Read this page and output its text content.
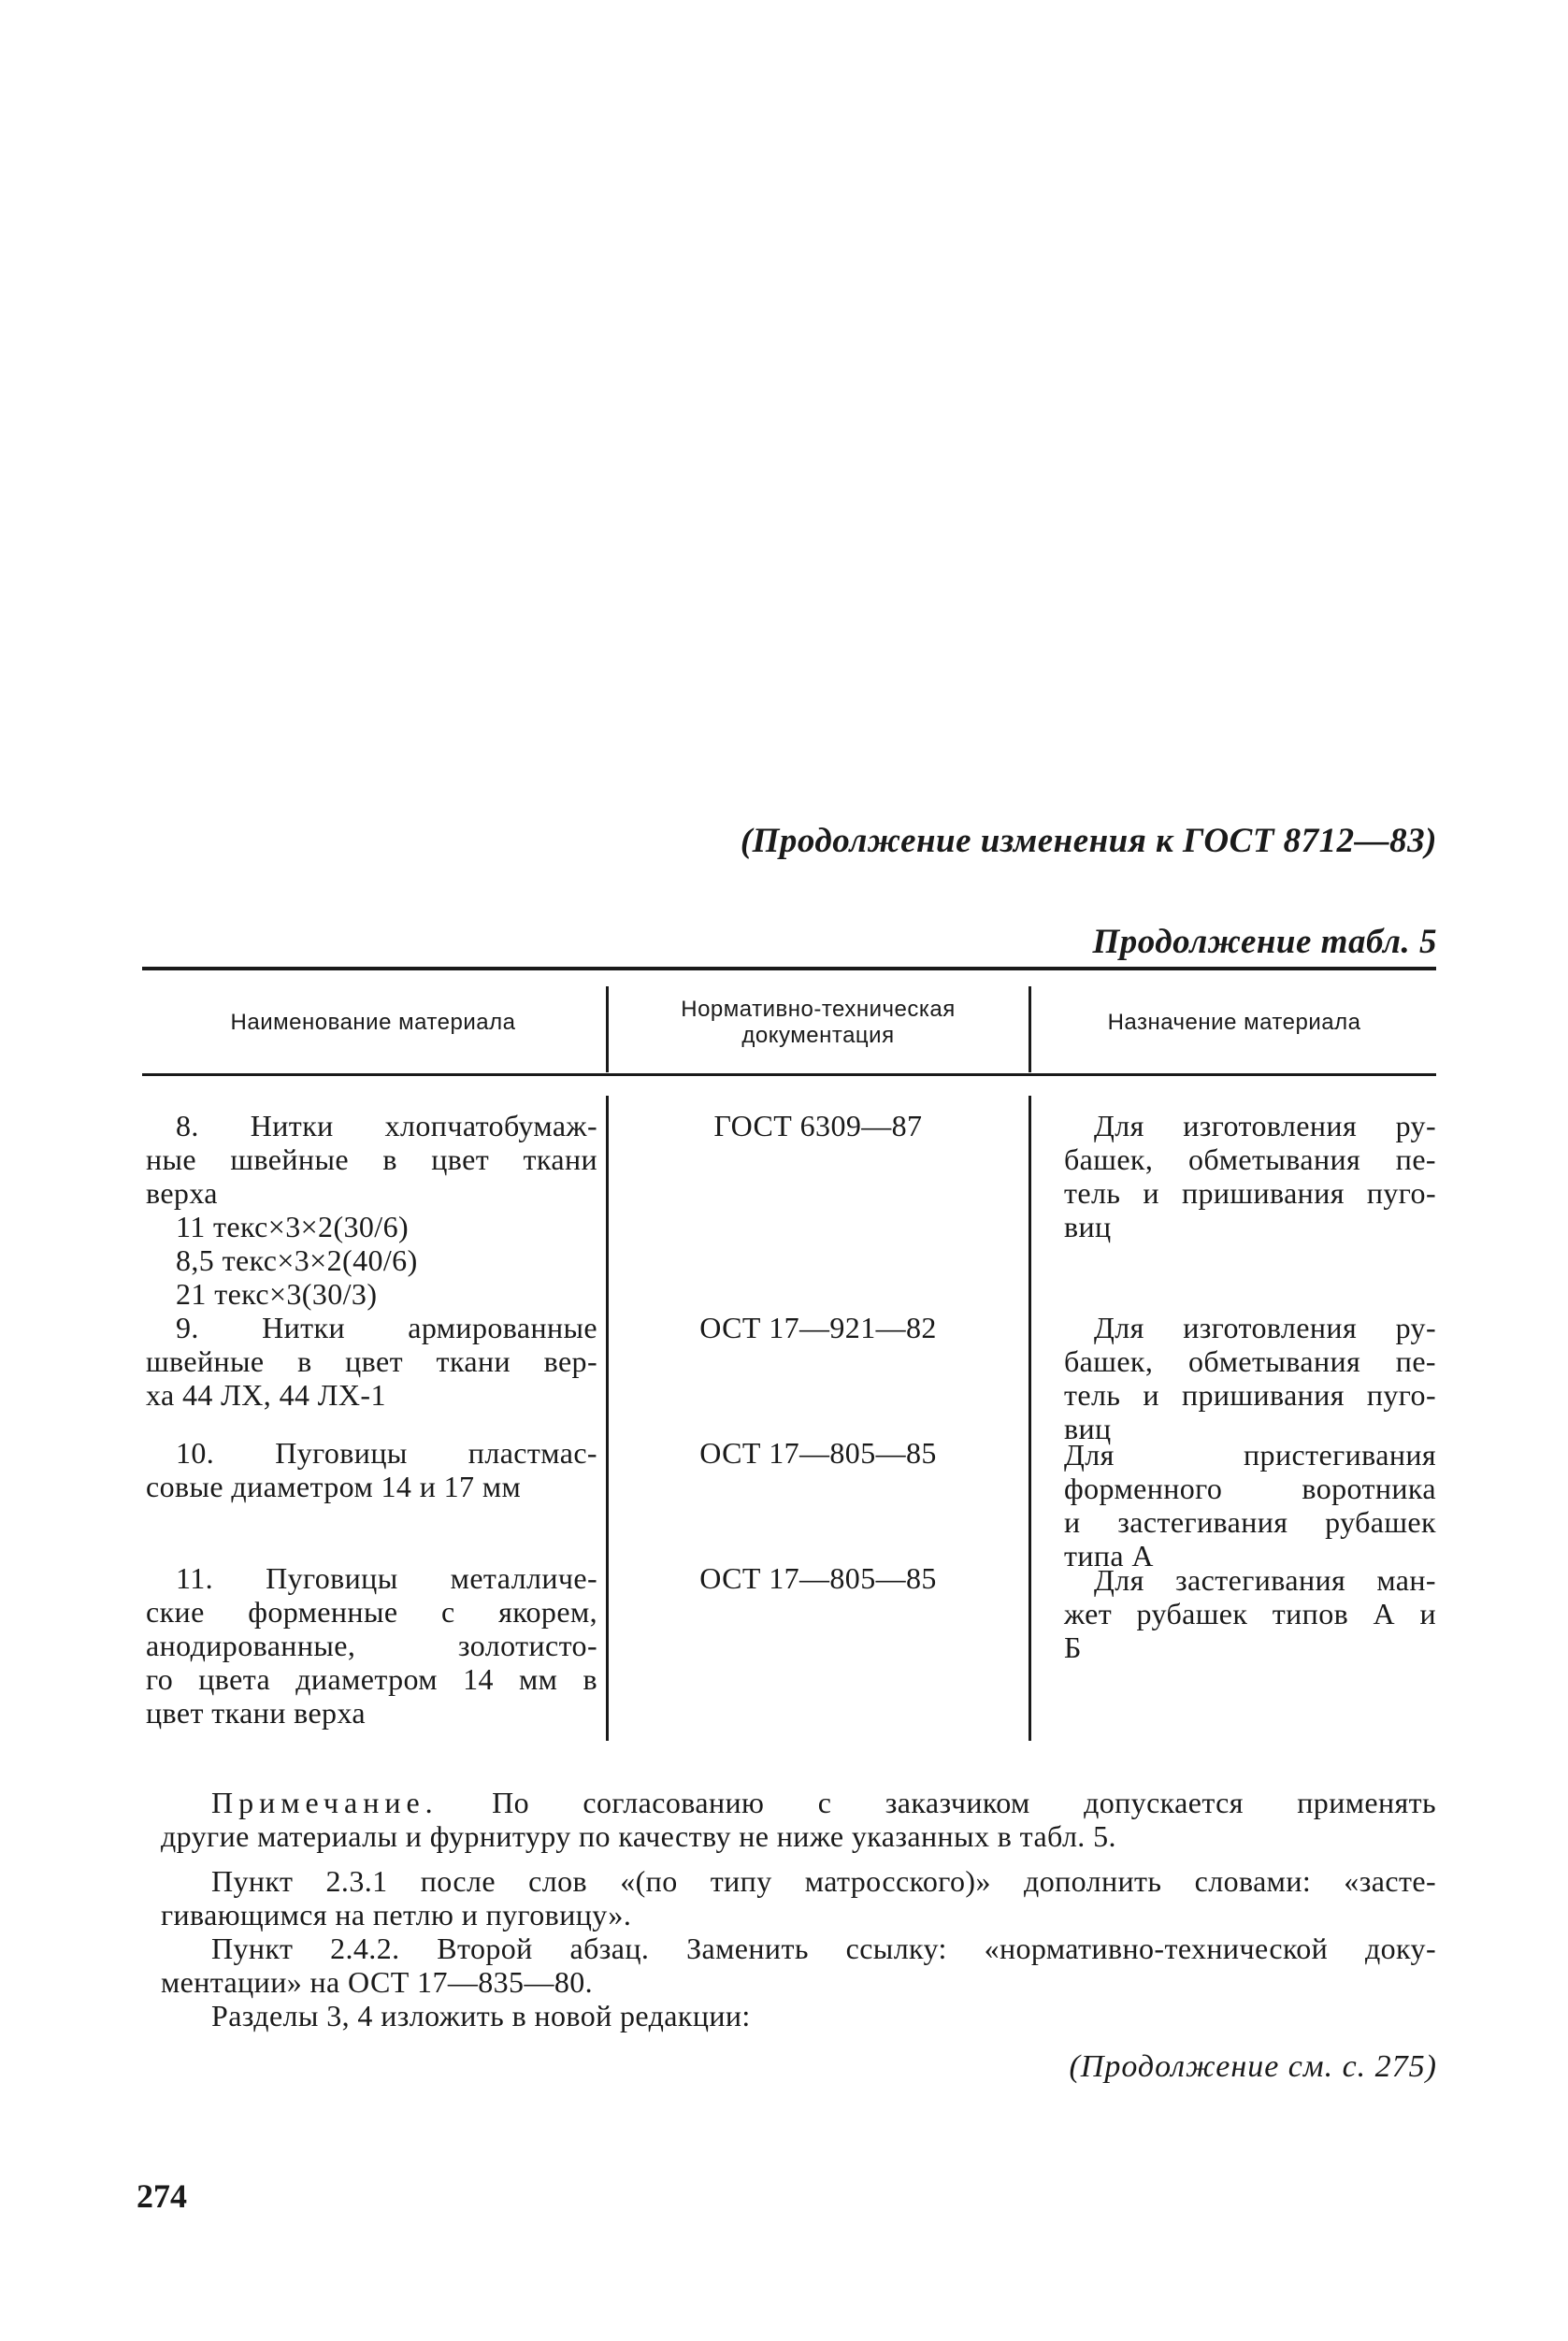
(Продолжение изменения к ГОСТ 8712—83)
Продолжение табл. 5
Наименование материала
Нормативно-техническая документация
Назначение материала
8. Нитки хлопчатобумаж-
ные швейные в цвет ткани
верха
11 текс×3×2(30/6)
8,5 текс×3×2(40/6)
21 текс×3(30/3)
ГОСТ 6309—87	Для изготовления ру-
башек, обметывания пе-
тель и пришивания пуго-
виц
9. Нитки армированные
швейные в цвет ткани вер-
ха 44 ЛХ, 44 ЛХ-1
ОСТ 17—921—82	Для изготовления ру-
башек, обметывания пе-
тель и пришивания пуго-
виц
10. Пуговицы пластмас-
совые диаметром 14 и 17 мм
ОСТ 17—805—85	Для пристегивания
форменного воротника
и застегивания рубашек
типа А
11. Пуговицы металличе-
ские форменные с якорем,
анодированные, золотисто-
го цвета диаметром 14 мм в
цвет ткани верха
ОСТ 17—805—85	Для застегивания ман-
жет рубашек типов А и
Б
Примечание. По согласованию с заказчиком допускается применять
другие материалы и фурнитуру по качеству не ниже указанных в табл. 5.
Пункт 2.3.1 после слов «(по типу матросского)» дополнить словами: «засте-
гивающимся на петлю и пуговицу».
Пункт 2.4.2. Второй абзац. Заменить ссылку: «нормативно-технической доку-
ментации» на ОСТ 17—835—80.
Разделы 3, 4 изложить в новой редакции:
(Продолжение см. с. 275)
274
